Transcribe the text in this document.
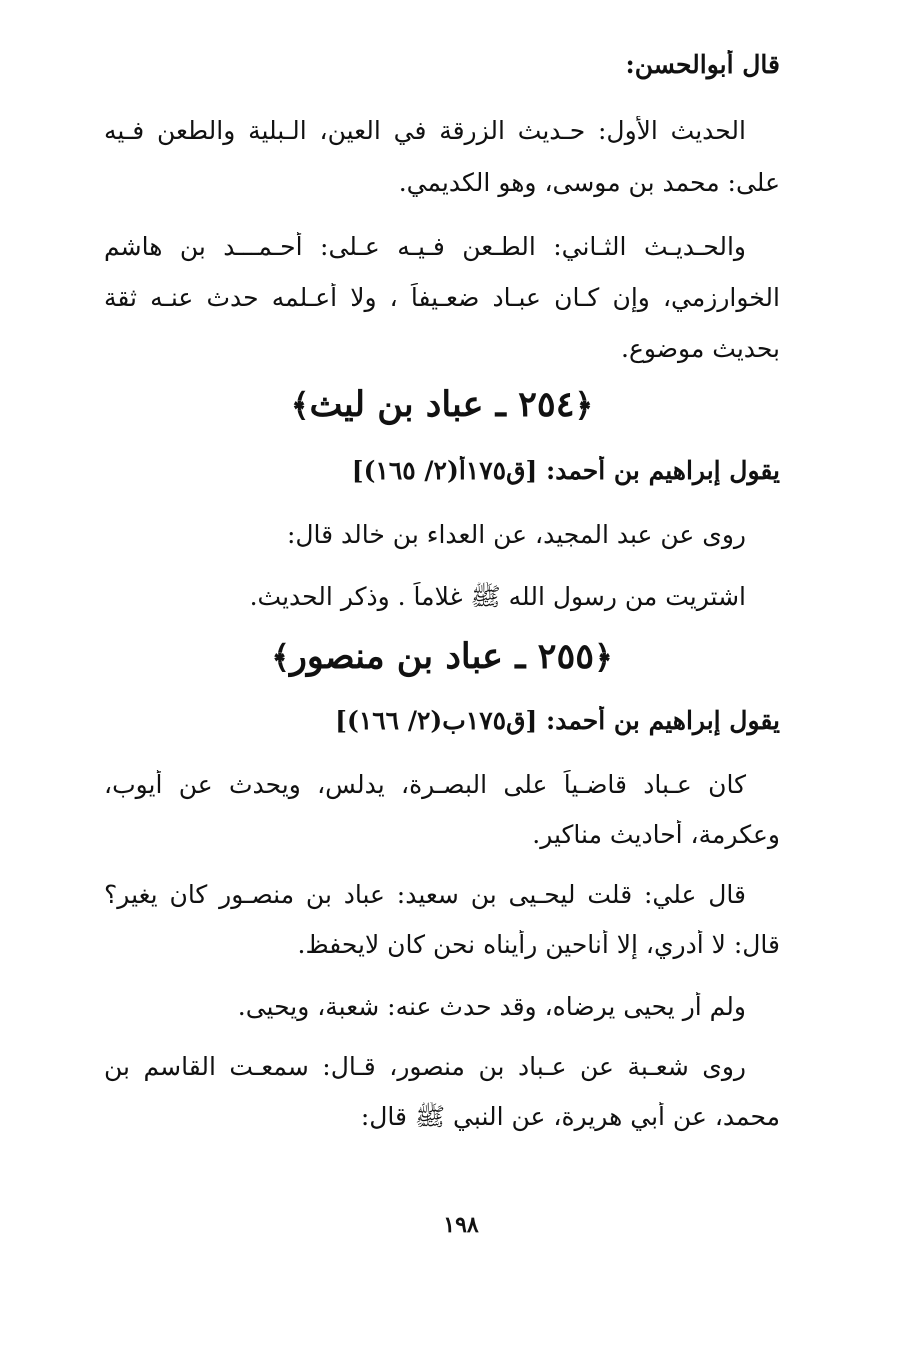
قال أبوالحسن:
الحديث الأول: حـديث الزرقة في العين، الـبلية والطعن فـيه
على: محمد بن موسى، وهو الكديمي.
والحـديـث الثـاني: الطـعن فـيـه عـلى: أحـمـــد بن هاشم
الخوارزمي، وإن كـان عبـاد ضعـيفاً ، ولا أعـلمه حدث عنـه ثقة
بحديث موضوع.
﴿٢٥٤ ـ عباد بن ليث﴾
يقول إبراهيم بن أحمد: [ق١٧٥أ(٢/ ١٦٥)]
روى عن عبد المجيد، عن العداء بن خالد قال:
اشتريت من رسول الله ﷺ غلاماً . وذكر الحديث.
﴿٢٥٥ ـ عباد بن منصور﴾
يقول إبراهيم بن أحمد: [ق١٧٥ب(٢/ ١٦٦)]
كان عـباد قاضـياً على البصـرة، يدلس، ويحدث عن أيوب،
وعكرمة، أحاديث مناكير.
قال علي: قلت ليحـيى بن سعيد: عباد بن منصـور كان يغير؟
قال: لا أدري، إلا أناحين رأيناه نحن كان لايحفظ.
ولم أر يحيى يرضاه، وقد حدث عنه: شعبة، ويحيى.
روى شعـبة عن عـباد بن منصور، قـال: سمعـت القاسم بن
محمد، عن أبي هريرة، عن النبي ﷺ قال:
١٩٨
